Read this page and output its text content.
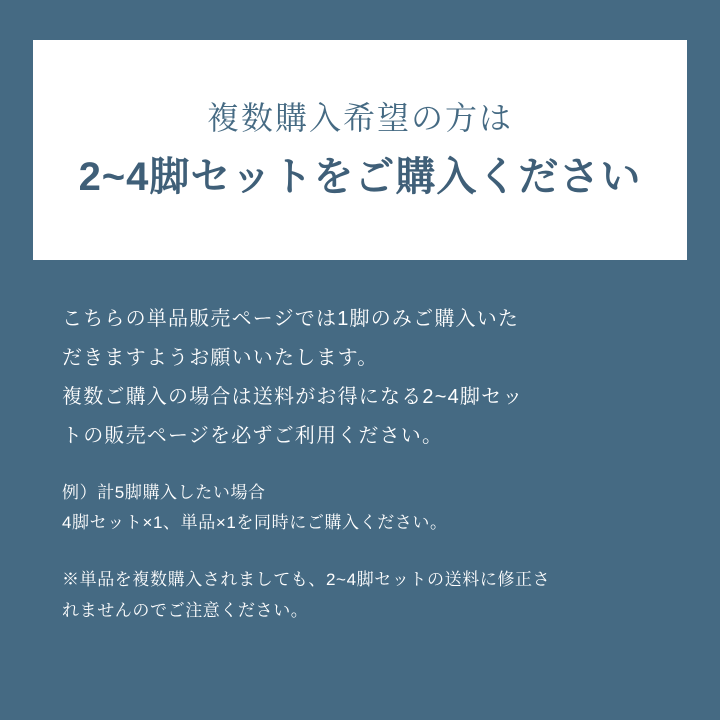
複数購入希望の方は
2~4脚セットをご購入ください
こちらの単品販売ページでは1脚のみご購入いた
だきますようお願いいたします。
複数ご購入の場合は送料がお得になる2~4脚セッ
トの販売ページを必ずご利用ください。
例）計5脚購入したい場合
4脚セット×1、単品×1を同時にご購入ください。
※単品を複数購入されましても、2~4脚セットの送料に修正さ
れませんのでご注意ください。
